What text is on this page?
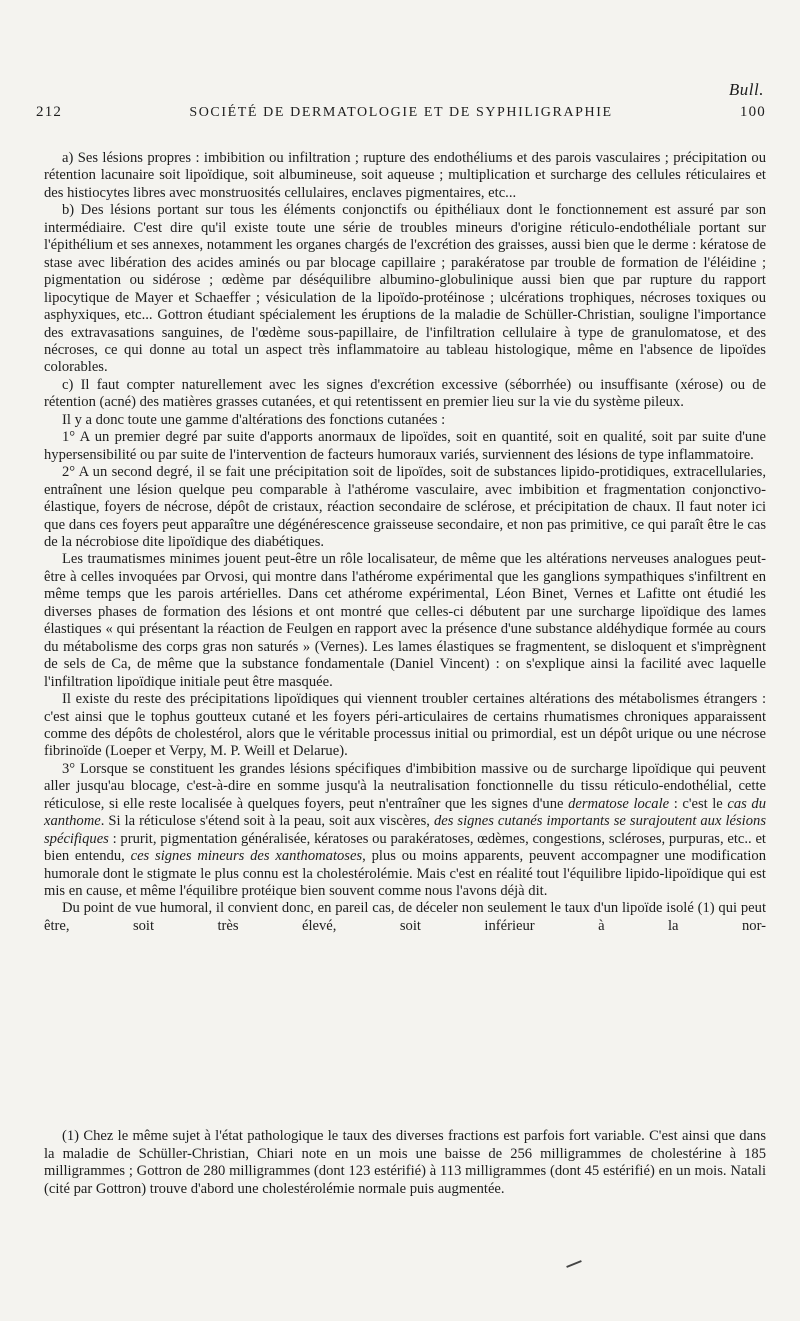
Bull.
212	SOCIÉTÉ DE DERMATOLOGIE ET DE SYPHILIGRAPHIE	100

a) Ses lésions propres : imbibition ou infiltration ; rupture des endothéliums et des parois vasculaires ; précipitation ou rétention lacunaire soit lipoïdique, soit albumineuse, soit aqueuse ; multiplication et surcharge des cellules réticulaires et des histiocytes libres avec monstruosités cellulaires, enclaves pigmentaires, etc...

b) Des lésions portant sur tous les éléments conjonctifs ou épithéliaux dont le fonctionnement est assuré par son intermédiaire. C'est dire qu'il existe toute une série de troubles mineurs d'origine réticulo-endothéliale portant sur l'épithélium et ses annexes, notamment les organes chargés de l'excrétion des graisses, aussi bien que le derme : kératose de stase avec libération des acides aminés ou par blocage capillaire ; parakératose par trouble de formation de l'éléidine ; pigmentation ou sidérose ; œdème par déséquilibre albumino-globulinique aussi bien que par rupture du rapport lipocytique de Mayer et Schaeffer ; vésiculation de la lipoïdo-protéinose ; ulcérations trophiques, nécroses toxiques ou asphyxiques, etc... Gottron étudiant spécialement les éruptions de la maladie de Schüller-Christian, souligne l'importance des extravasations sanguines, de l'œdème sous-papillaire, de l'infiltration cellulaire à type de granulomatose, et des nécroses, ce qui donne au total un aspect très inflammatoire au tableau histologique, même en l'absence de lipoïdes colorables.

c) Il faut compter naturellement avec les signes d'excrétion excessive (séborrhée) ou insuffisante (xérose) ou de rétention (acné) des matières grasses cutanées, et qui retentissent en premier lieu sur la vie du système pileux.

Il y a donc toute une gamme d'altérations des fonctions cutanées :

1° A un premier degré par suite d'apports anormaux de lipoïdes, soit en quantité, soit en qualité, soit par suite d'une hypersensibilité ou par suite de l'intervention de facteurs humoraux variés, surviennent des lésions de type inflammatoire.

2° A un second degré, il se fait une précipitation soit de lipoïdes, soit de substances lipido-protidiques, extracellularies, entraînent une lésion quelque peu comparable à l'athérome vasculaire, avec imbibition et fragmentation conjonctivo-élastique, foyers de nécrose, dépôt de cristaux, réaction secondaire de sclérose, et précipitation de chaux. Il faut noter ici que dans ces foyers peut apparaître une dégénérescence graisseuse secondaire, et non pas primitive, ce qui paraît être le cas de la nécrobiose dite lipoïdique des diabétiques.

Les traumatismes minimes jouent peut-être un rôle localisateur, de même que les altérations nerveuses analogues peut-être à celles invoquées par Orvosi, qui montre dans l'athérome expérimental que les ganglions sympathiques s'infiltrent en même temps que les parois artérielles. Dans cet athérome expérimental, Léon Binet, Vernes et Lafitte ont étudié les diverses phases de formation des lésions et ont montré que celles-ci débutent par une surcharge lipoïdique des lames élastiques « qui présentant la réaction de Feulgen en rapport avec la présence d'une substance aldéhydique formée au cours du métabolisme des corps gras non saturés » (Vernes). Les lames élastiques se fragmentent, se disloquent et s'imprègnent de sels de Ca, de même que la substance fondamentale (Daniel Vincent) : on s'explique ainsi la facilité avec laquelle l'infiltration lipoïdique initiale peut être masquée.

Il existe du reste des précipitations lipoïdiques qui viennent troubler certaines altérations des métabolismes étrangers : c'est ainsi que le tophus goutteux cutané et les foyers péri-articulaires de certains rhumatismes chroniques apparaissent comme des dépôts de cholestérol, alors que le véritable processus initial ou primordial, est un dépôt urique ou une nécrose fibrinoïde (Loeper et Verpy, M. P. Weill et Delarue).

3° Lorsque se constituent les grandes lésions spécifiques d'imbibition massive ou de surcharge lipoïdique qui peuvent aller jusqu'au blocage, c'est-à-dire en somme jusqu'à la neutralisation fonctionnelle du tissu réticulo-endothélial, cette réticulose, si elle reste localisée à quelques foyers, peut n'entraîner que les signes d'une dermatose locale : c'est le cas du xanthome. Si la réticulose s'étend soit à la peau, soit aux viscères, des signes cutanés importants se surajoutent aux lésions spécifiques : prurit, pigmentation généralisée, kératoses ou parakératoses, œdèmes, congestions, scléroses, purpuras, etc.. et bien entendu, ces signes mineurs des xanthomatoses, plus ou moins apparents, peuvent accompagner une modification humorale dont le stigmate le plus connu est la cholestérolémie. Mais c'est en réalité tout l'équilibre lipido-lipoïdique qui est mis en cause, et même l'équilibre protéique bien souvent comme nous l'avons déjà dit.

Du point de vue humoral, il convient donc, en pareil cas, de déceler non seulement le taux d'un lipoïde isolé (1) qui peut être, soit très élevé, soit inférieur à la nor-

(1) Chez le même sujet à l'état pathologique le taux des diverses fractions est parfois fort variable. C'est ainsi que dans la maladie de Schüller-Christian, Chiari note en un mois une baisse de 256 milligrammes de cholestérine à 185 milligrammes ; Gottron de 280 milligrammes (dont 123 estérifié) à 113 milligrammes (dont 45 estérifié) en un mois. Natali (cité par Gottron) trouve d'abord une cholestérolémie normale puis augmentée.
